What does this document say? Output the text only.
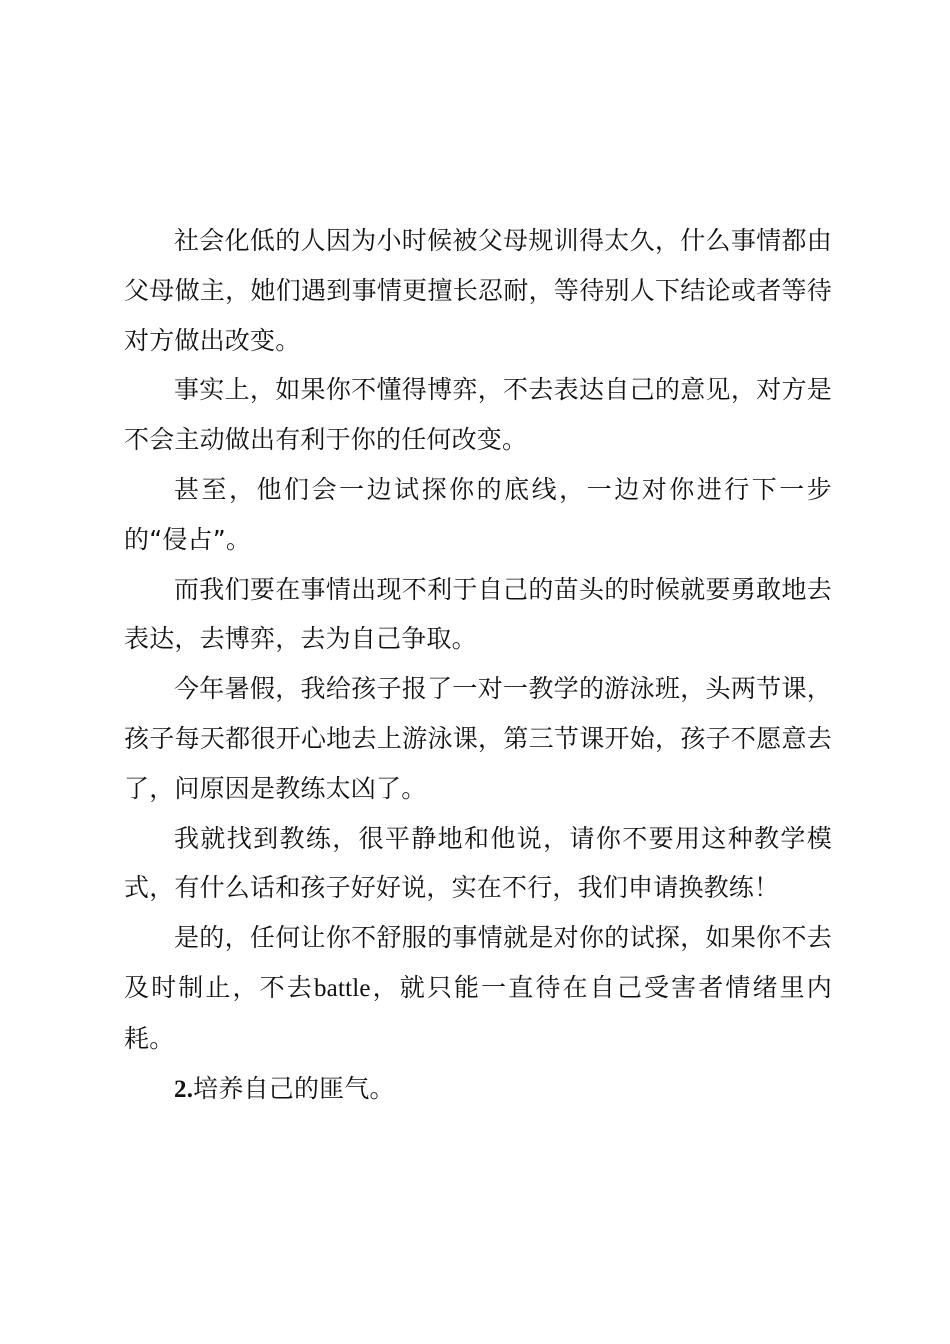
社会化低的人因为小时候被父母规训得太久，什么事情都由父母做主，她们遇到事情更擅长忍耐，等待别人下结论或者等待对方做出改变。

事实上，如果你不懂得博弈，不去表达自己的意见，对方是不会主动做出有利于你的任何改变。

甚至，他们会一边试探你的底线，一边对你进行下一步的“侵占”。

而我们要在事情出现不利于自己的苗头的时候就要勇敢地去表达，去博弈，去为自己争取。

今年暑假，我给孩子报了一对一教学的游泳班，头两节课，孩子每天都很开心地去上游泳课，第三节课开始，孩子不愿意去了，问原因是教练太凶了。

我就找到教练，很平静地和他说，请你不要用这种教学模式，有什么话和孩子好好说，实在不行，我们申请换教练！

是的，任何让你不舒服的事情就是对你的试探，如果你不去及时制止，不去battle，就只能一直待在自己受害者情绪里内耗。

2.培养自己的匪气。
